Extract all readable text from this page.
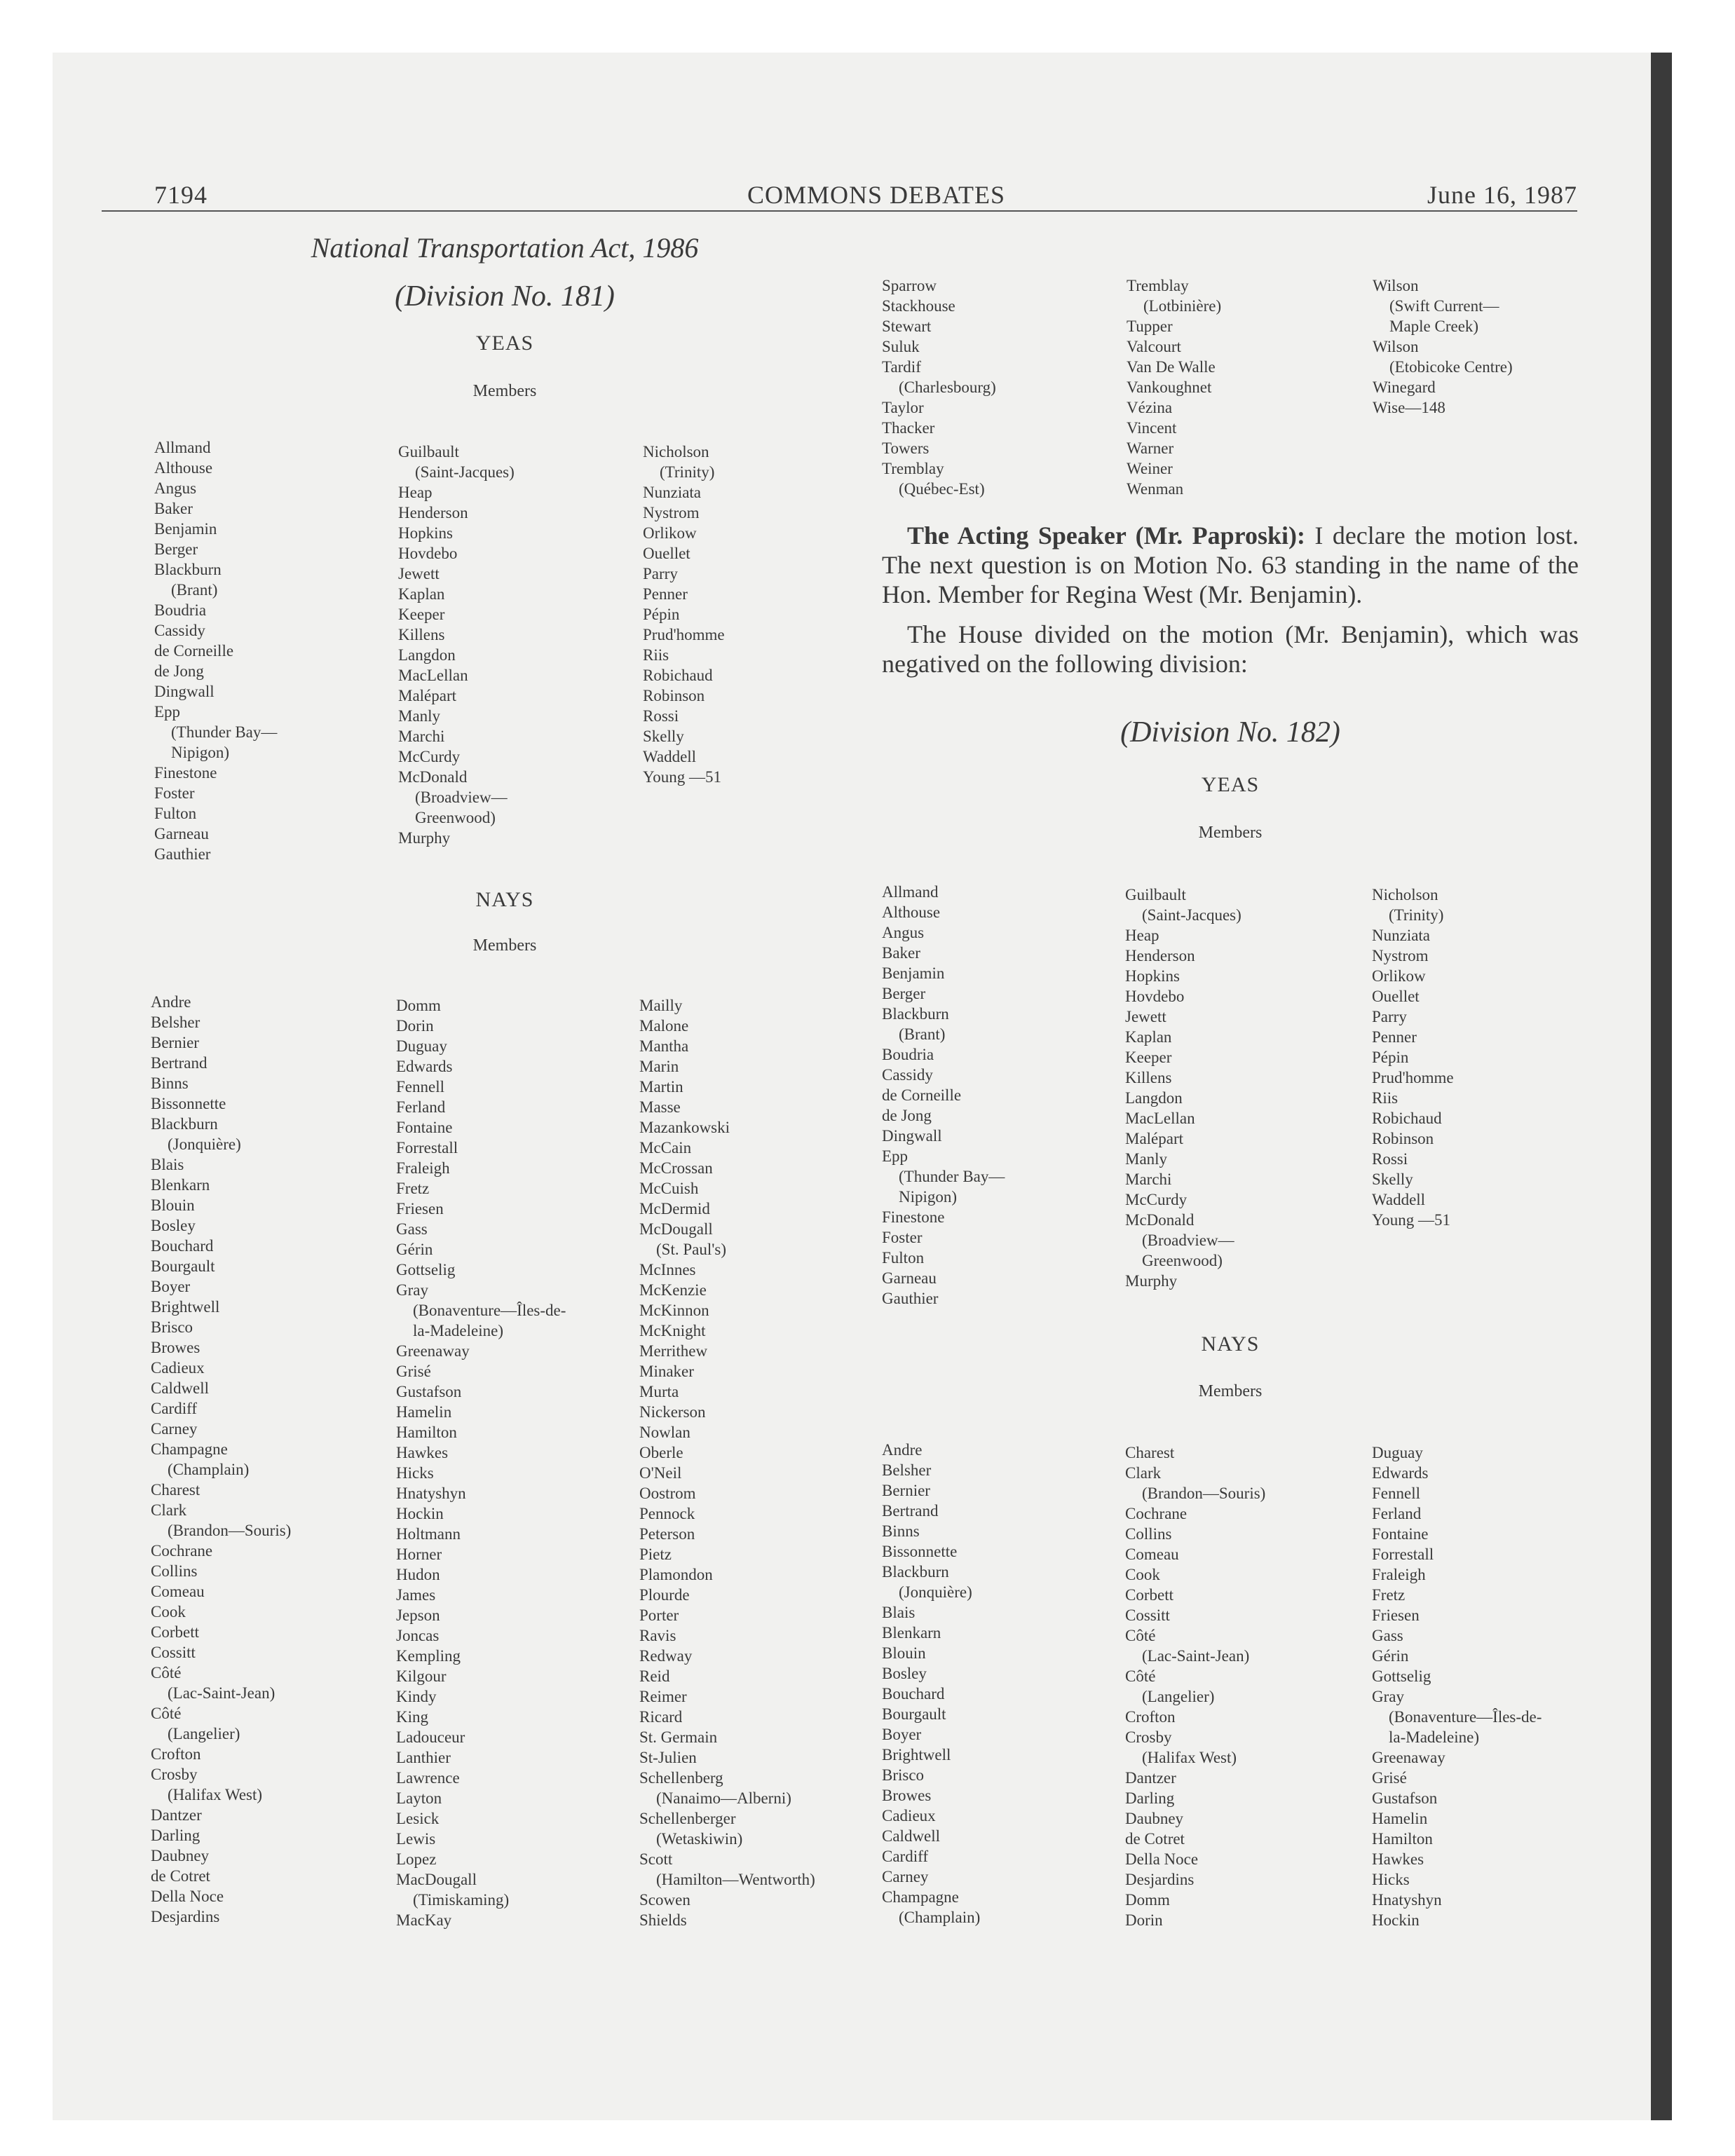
7194	COMMONS DEBATES	June 16, 1987
National Transportation Act, 1986
(Division No. 181)
YEAS
Members
Allmand
Althouse
Angus
Baker
Benjamin
Berger
Blackburn
(Brant)
Boudria
Cassidy
de Corneille
de Jong
Dingwall
Epp
(Thunder Bay—
Nipigon)
Finestone
Foster
Fulton
Garneau
Gauthier
Guilbault
(Saint-Jacques)
Heap
Henderson
Hopkins
Hovdebo
Jewett
Kaplan
Keeper
Killens
Langdon
MacLellan
Malépart
Manly
Marchi
McCurdy
McDonald
(Broadview—
Greenwood)
Murphy
Nicholson
(Trinity)
Nunziata
Nystrom
Orlikow
Ouellet
Parry
Penner
Pépin
Prud'homme
Riis
Robichaud
Robinson
Rossi
Skelly
Waddell
Young —51
NAYS
Members
Andre
Belsher
Bernier
Bertrand
Binns
Bissonnette
Blackburn
(Jonquière)
Blais
Blenkarn
Blouin
Bosley
Bouchard
Bourgault
Boyer
Brightwell
Brisco
Browes
Cadieux
Caldwell
Cardiff
Carney
Champagne
(Champlain)
Charest
Clark
(Brandon—Souris)
Cochrane
Collins
Comeau
Cook
Corbett
Cossitt
Côté
(Lac-Saint-Jean)
Côté
(Langelier)
Crofton
Crosby
(Halifax West)
Dantzer
Darling
Daubney
de Cotret
Della Noce
Desjardins
Domm
Dorin
Duguay
Edwards
Fennell
Ferland
Fontaine
Forrestall
Fraleigh
Fretz
Friesen
Gass
Gérin
Gottselig
Gray
(Bonaventure—Îles-de-
la-Madeleine)
Greenaway
Grisé
Gustafson
Hamelin
Hamilton
Hawkes
Hicks
Hnatyshyn
Hockin
Holtmann
Horner
Hudon
James
Jepson
Joncas
Kempling
Kilgour
Kindy
King
Ladouceur
Lanthier
Lawrence
Layton
Lesick
Lewis
Lopez
MacDougall
(Timiskaming)
MacKay
Mailly
Malone
Mantha
Marin
Martin
Masse
Mazankowski
McCain
McCrossan
McCuish
McDermid
McDougall
(St. Paul's)
McInnes
McKenzie
McKinnon
McKnight
Merrithew
Minaker
Murta
Nickerson
Nowlan
Oberle
O'Neil
Oostrom
Pennock
Peterson
Pietz
Plamondon
Plourde
Porter
Ravis
Redway
Reid
Reimer
Ricard
St. Germain
St-Julien
Schellenberg
(Nanaimo—Alberni)
Schellenberger
(Wetaskiwin)
Scott
(Hamilton—Wentworth)
Scowen
Shields
Sparrow
Stackhouse
Stewart
Suluk
Tardif
(Charlesbourg)
Taylor
Thacker
Towers
Tremblay
(Québec-Est)
Tremblay
(Lotbinière)
Tupper
Valcourt
Van De Walle
Vankoughnet
Vézina
Vincent
Warner
Weiner
Wenman
Wilson
(Swift Current—
Maple Creek)
Wilson
(Etobicoke Centre)
Winegard
Wise—148
The Acting Speaker (Mr. Paproski): I declare the motion lost. The next question is on Motion No. 63 standing in the name of the Hon. Member for Regina West (Mr. Benjamin).
The House divided on the motion (Mr. Benjamin), which was negatived on the following division:
(Division No. 182)
YEAS
Members
Allmand
Althouse
Angus
Baker
Benjamin
Berger
Blackburn
(Brant)
Boudria
Cassidy
de Corneille
de Jong
Dingwall
Epp
(Thunder Bay—
Nipigon)
Finestone
Foster
Fulton
Garneau
Gauthier
Guilbault
(Saint-Jacques)
Heap
Henderson
Hopkins
Hovdebo
Jewett
Kaplan
Keeper
Killens
Langdon
MacLellan
Malépart
Manly
Marchi
McCurdy
McDonald
(Broadview—
Greenwood)
Murphy
Nicholson
(Trinity)
Nunziata
Nystrom
Orlikow
Ouellet
Parry
Penner
Pépin
Prud'homme
Riis
Robichaud
Robinson
Rossi
Skelly
Waddell
Young —51
NAYS
Members
Andre
Belsher
Bernier
Bertrand
Binns
Bissonnette
Blackburn
(Jonquière)
Blais
Blenkarn
Blouin
Bosley
Bouchard
Bourgault
Boyer
Brightwell
Brisco
Browes
Cadieux
Caldwell
Cardiff
Carney
Champagne
(Champlain)
Charest
Clark
(Brandon—Souris)
Cochrane
Collins
Comeau
Cook
Corbett
Cossitt
Côté
(Lac-Saint-Jean)
Côté
(Langelier)
Crofton
Crosby
(Halifax West)
Dantzer
Darling
Daubney
de Cotret
Della Noce
Desjardins
Domm
Dorin
Duguay
Edwards
Fennell
Ferland
Fontaine
Forrestall
Fraleigh
Fretz
Friesen
Gass
Gérin
Gottselig
Gray
(Bonaventure—Îles-de-
la-Madeleine)
Greenaway
Grisé
Gustafson
Hamelin
Hamilton
Hawkes
Hicks
Hnatyshyn
Hockin
